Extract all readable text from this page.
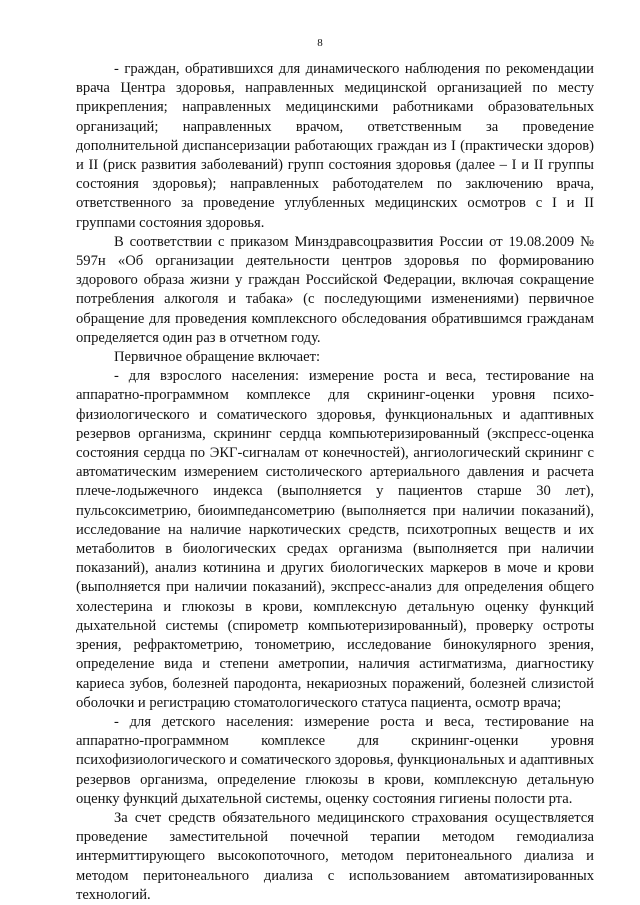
8

- граждан, обратившихся для динамического наблюдения по рекомендации врача Центра здоровья, направленных медицинской организацией по месту прикрепления; направленных медицинскими работниками образовательных организаций; направленных врачом, ответственным за проведение дополнительной диспансеризации работающих граждан из I (практически здоров) и II (риск развития заболеваний) групп состояния здоровья (далее – I и II группы состояния здоровья); направленных работодателем по заключению врача, ответственного за проведение углубленных медицинских осмотров с I и II группами состояния здоровья.

В соответствии с приказом Минздравсоцразвития России от 19.08.2009 № 597н «Об организации деятельности центров здоровья по формированию здорового образа жизни у граждан Российской Федерации, включая сокращение потребления алкоголя и табака» (с последующими изменениями) первичное обращение для проведения комплексного обследования обратившимся гражданам определяется один раз в отчетном году.

Первичное обращение включает:

- для взрослого населения: измерение роста и веса, тестирование на аппаратно-программном комплексе для скрининг-оценки уровня психо-физиологического и соматического здоровья, функциональных и адаптивных резервов организма, скрининг сердца компьютеризированный (экспресс-оценка состояния сердца по ЭКГ-сигналам от конечностей), ангиологический скрининг с автоматическим измерением систолического артериального давления и расчета плече-лодыжечного индекса (выполняется у пациентов старше 30 лет), пульсоксиметрию, биоимпедансометрию (выполняется при наличии показаний), исследование на наличие наркотических средств, психотропных веществ и их метаболитов в биологических средах организма (выполняется при наличии показаний), анализ котинина и других биологических маркеров в моче и крови (выполняется при наличии показаний), экспресс-анализ для определения общего холестерина и глюкозы в крови, комплексную детальную оценку функций дыхательной системы (спирометр компьютеризированный), проверку остроты зрения, рефрактометрию, тонометрию, исследование бинокулярного зрения, определение вида и степени аметропии, наличия астигматизма, диагностику кариеса зубов, болезней пародонта, некариозных поражений, болезней слизистой оболочки и регистрацию стоматологического статуса пациента, осмотр врача;

- для детского населения: измерение роста и веса, тестирование на аппаратно-программном комплексе для скрининг-оценки уровня психофизиологического и соматического здоровья, функциональных и адаптивных резервов организма, определение глюкозы в крови, комплексную детальную оценку функций дыхательной системы, оценку состояния гигиены полости рта.

За счет средств обязательного медицинского страхования осуществляется проведение заместительной почечной терапии методом гемодиализа интермиттирующего высокопоточного, методом перитонеального диализа и методом перитонеального диализа с использованием автоматизированных технологий.
